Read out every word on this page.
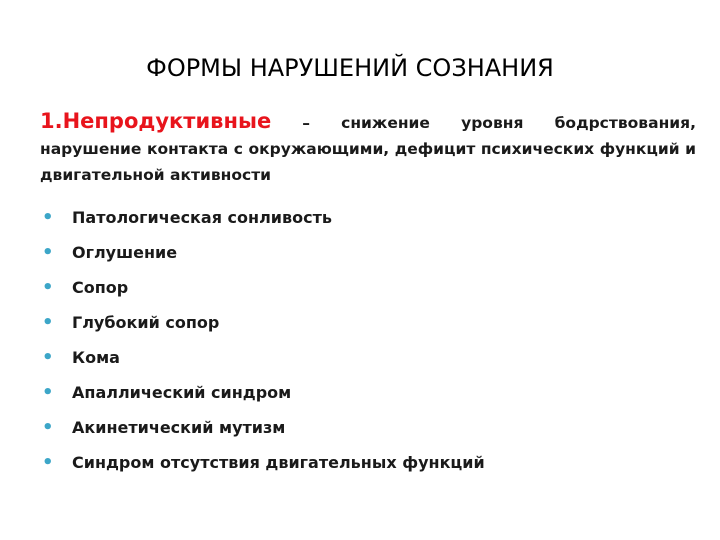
ФОРМЫ НАРУШЕНИЙ СОЗНАНИЯ
1.Непродуктивные – снижение уровня бодрствования, нарушение контакта с окружающими, дефицит психических функций и двигательной активности
• Патологическая сонливость
• Оглушение
• Сопор
• Глубокий сопор
• Кома
• Апаллический синдром
• Акинетический мутизм
• Синдром отсутствия двигательных функций
